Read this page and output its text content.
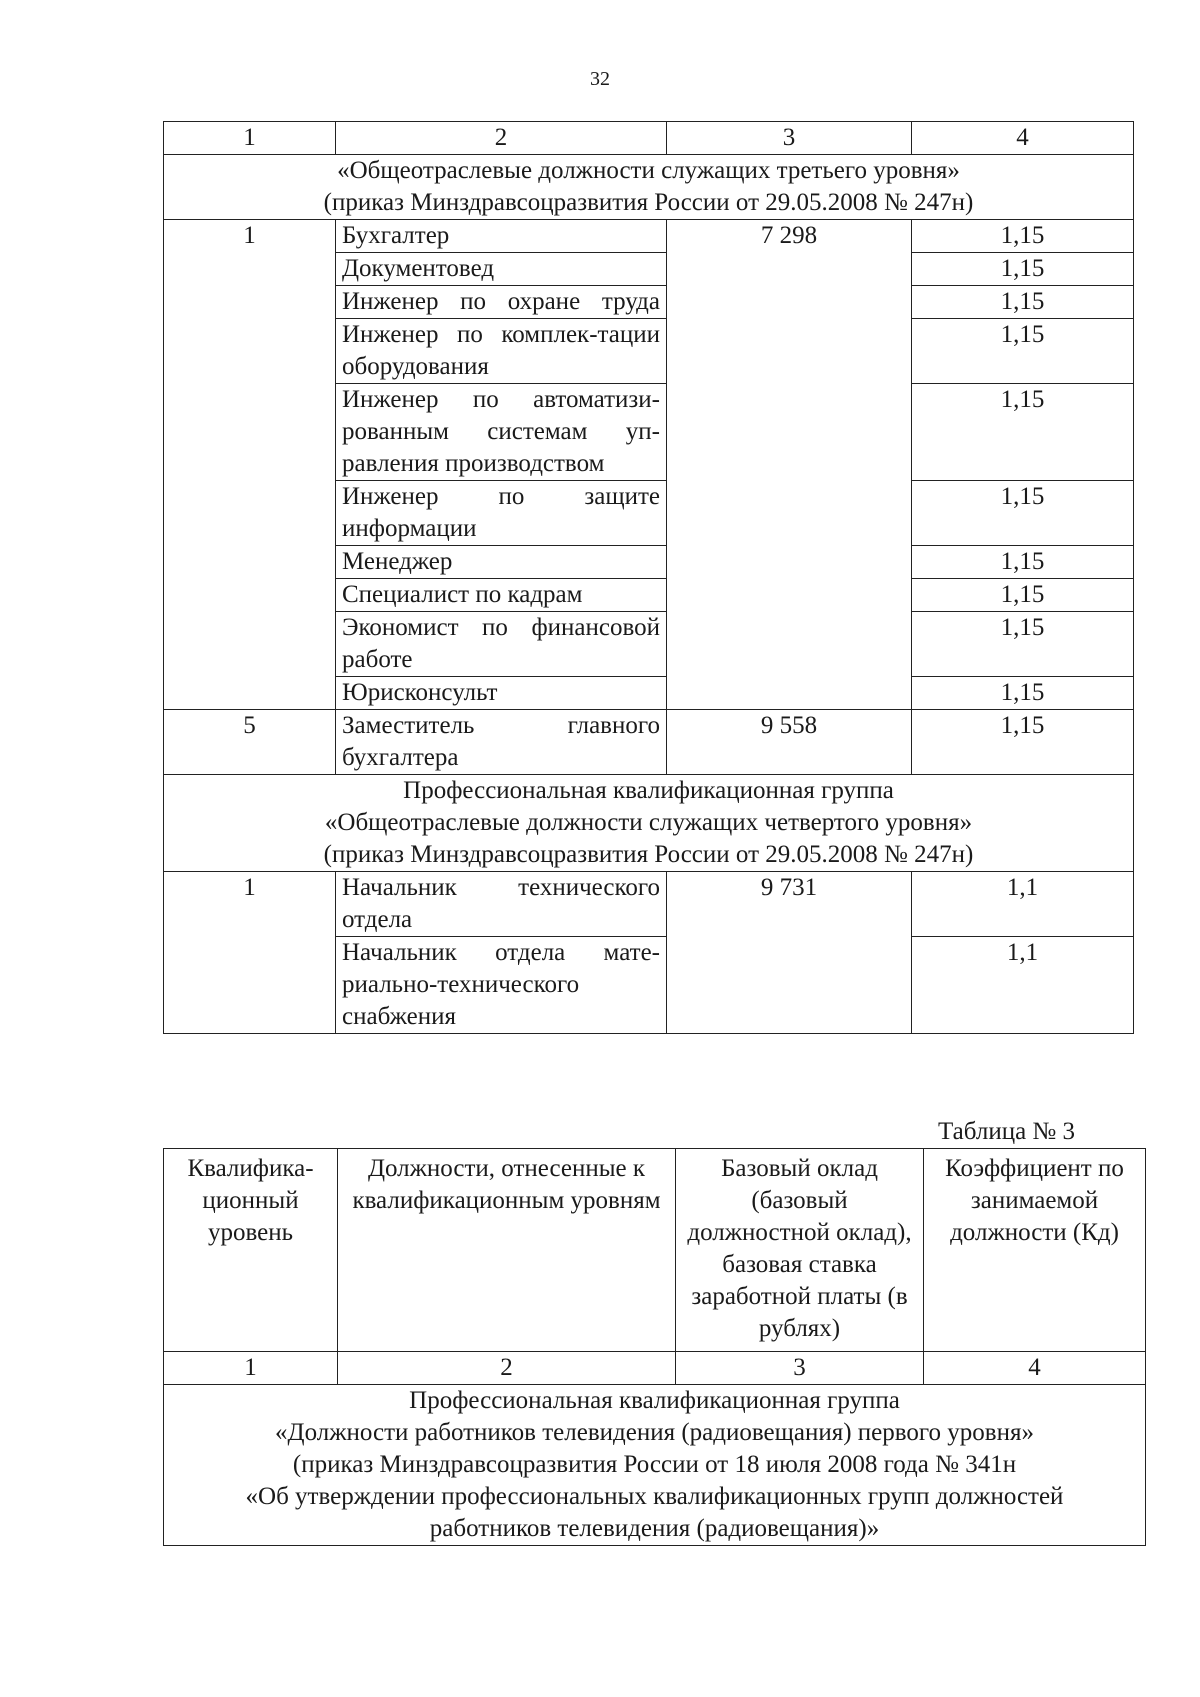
32
1	2	3	4

«Общеотраслевые должности служащих третьего уровня»
(приказ Минздравсоцразвития России от 29.05.2008 № 247н)			

1	Бухгалтер	7 298	1,15
	Документовед		1,15
	Инженер по охране труда		1,15
	Инженер по комплек-тации оборудования		1,15
	Инженер по автоматизи-рованным системам уп-равления производством		1,15
	Инженер по защите информации		1,15
	Менеджер		1,15
	Специалист по кадрам		1,15
	Экономист по финансовой работе		1,15
	Юрисконсульт		1,15
5	Заместитель главного бухгалтера	9 558	1,15

Профессиональная квалификационная группа
«Общеотраслевые должности служащих четвертого уровня»
(приказ Минздравсоцразвития России от 29.05.2008 № 247н)			

1	Начальник технического отдела	9 731	1,1
	Начальник отдела мате-риально-технического снабжения		1,1
Таблица № 3
Квалифика-ционный уровень	Должности, отнесенные к квалификационным уровням	Базовый оклад (базовый должностной оклад), базовая ставка заработной платы (в рублях)	Коэффициент по занимаемой должности (Кд)
1	2	3	4

Профессиональная квалификационная группа
«Должности работников телевидения (радиовещания) первого уровня»
(приказ Минздравсоцразвития России от 18 июля 2008 года № 341н
«Об утверждении профессиональных квалификационных групп должностей
работников телевидения (радиовещания)»			
